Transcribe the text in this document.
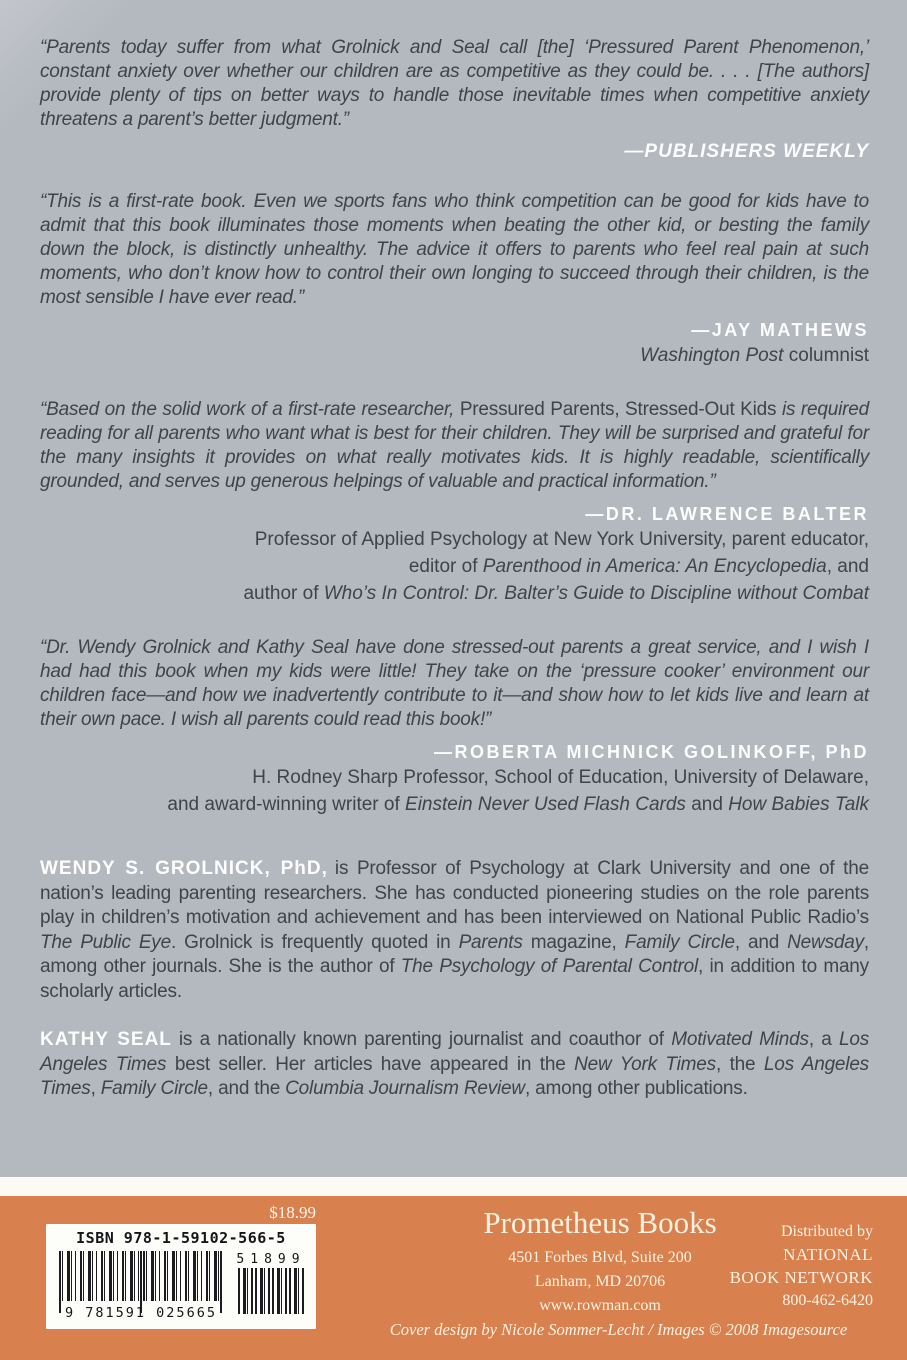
“Parents today suffer from what Grolnick and Seal call [the] ‘Pressured Parent Phenomenon,’ constant anxiety over whether our children are as competitive as they could be. . . . [The authors] provide plenty of tips on better ways to handle those inevitable times when competitive anxiety threatens a parent’s better judgment.”

—PUBLISHERS WEEKLY

“This is a first-rate book. Even we sports fans who think competition can be good for kids have to admit that this book illuminates those moments when beating the other kid, or besting the family down the block, is distinctly unhealthy. The advice it offers to parents who feel real pain at such moments, who don’t know how to control their own longing to succeed through their children, is the most sensible I have ever read.”

—JAY MATHEWS

Washington Post columnist

“Based on the solid work of a first-rate researcher, Pressured Parents, Stressed-Out Kids is required reading for all parents who want what is best for their children. They will be surprised and grateful for the many insights it provides on what really motivates kids. It is highly readable, scientifically grounded, and serves up generous helpings of valuable and practical information.”

—DR. LAWRENCE BALTER

Professor of Applied Psychology at New York University, parent educator,

editor of Parenthood in America: An Encyclopedia, and

author of Who’s In Control: Dr. Balter’s Guide to Discipline without Combat

“Dr. Wendy Grolnick and Kathy Seal have done stressed-out parents a great service, and I wish I had had this book when my kids were little! They take on the ‘pressure cooker’ environment our children face—and how we inadvertently contribute to it—and show how to let kids live and learn at their own pace. I wish all parents could read this book!”

—ROBERTA MICHNICK GOLINKOFF, PhD

H. Rodney Sharp Professor, School of Education, University of Delaware,

and award-winning writer of Einstein Never Used Flash Cards and How Babies Talk

WENDY S. GROLNICK, PhD, is Professor of Psychology at Clark University and one of the nation’s leading parenting researchers. She has conducted pioneering studies on the role parents play in children’s motivation and achievement and has been interviewed on National Public Radio’s The Public Eye. Grolnick is frequently quoted in Parents magazine, Family Circle, and Newsday, among other journals. She is the author of The Psychology of Parental Control, in addition to many scholarly articles.

KATHY SEAL is a nationally known parenting journalist and coauthor of Motivated Minds, a Los Angeles Times best seller. Her articles have appeared in the New York Times, the Los Angeles Times, Family Circle, and the Columbia Journalism Review, among other publications.

$18.99
ISBN 978-1-59102-566-5
9 781591 025665
51899
Prometheus Books
4501 Forbes Blvd, Suite 200
Lanham, MD 20706
www.rowman.com
Distributed by
NATIONAL
BOOK NETWORK
800-462-6420
Cover design by Nicole Sommer-Lecht / Images © 2008 Imagesource
